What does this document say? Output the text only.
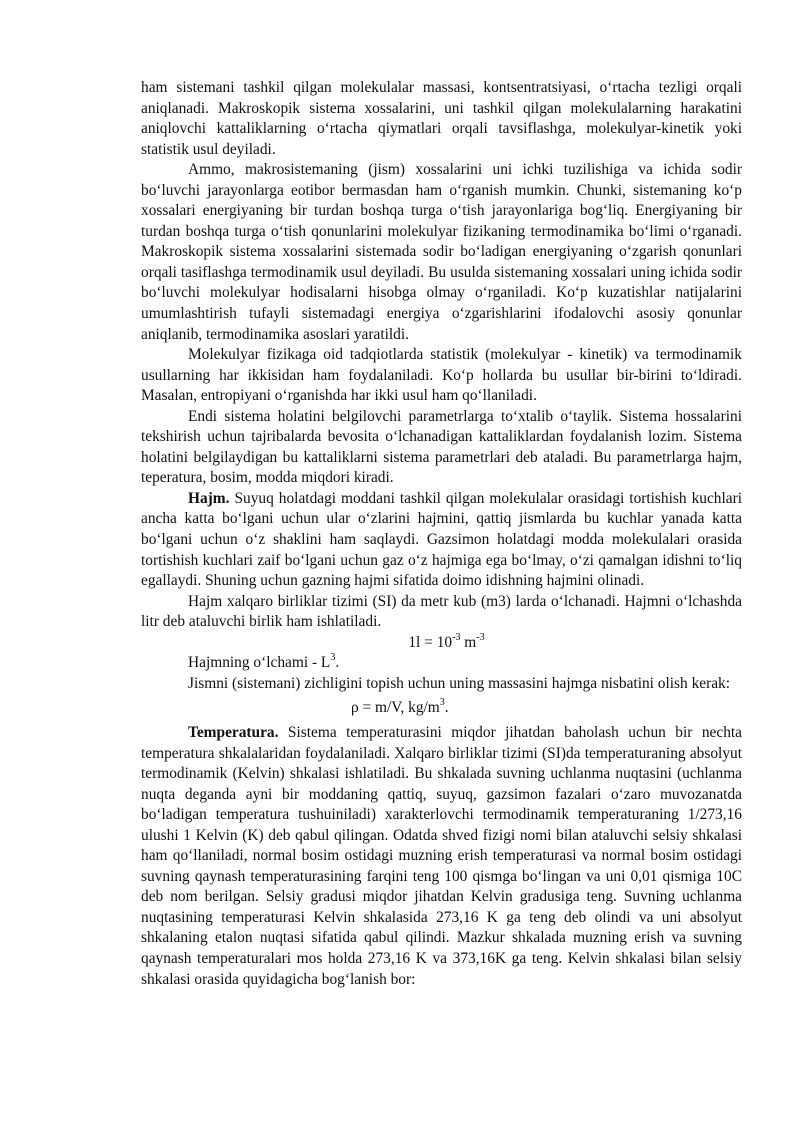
ham sistemani tashkil qilgan molekulalar massasi, kontsentratsiyasi, o‘rtacha tezligi orqali aniqlanadi. Makroskopik sistema xossalarini, uni tashkil qilgan molekulalarning harakatini aniqlovchi kattaliklarning o‘rtacha qiymatlari orqali tavsiflashga, molekulyar-kinetik yoki statistik usul deyiladi.

Ammo, makrosistemaning (jism) xossalarini uni ichki tuzilishiga va ichida sodir bo‘luvchi jarayonlarga eotibor bermasdan ham o‘rganish mumkin. Chunki, sistemaning ko‘p xossalari energiyaning bir turdan boshqa turga o‘tish jarayonlariga bog‘liq. Energiyaning bir turdan boshqa turga o‘tish qonunlarini molekulyar fizikaning termodinamika bo‘limi o‘rganadi. Makroskopik sistema xossalarini sistemada sodir bo‘ladigan energiyaning o‘zgarish qonunlari orqali tasiflashga termodinamik usul deyiladi. Bu usulda sistemaning xossalari uning ichida sodir bo‘luvchi molekulyar hodisalarni hisobga olmay o‘rganiladi. Ko‘p kuzatishlar natijalarini umumlashtirish tufayli sistemadagi energiya o‘zgarishlarini ifodalovchi asosiy qonunlar aniqlanib, termodinamika asoslari yaratildi.

Molekulyar fizikaga oid tadqiotlarda statistik (molekulyar - kinetik) va termodinamik usullarning har ikkisidan ham foydalaniladi. Ko‘p hollarda bu usullar bir-birini to‘ldiradi. Masalan, entropiyani o‘rganishda har ikki usul ham qo‘llaniladi.

Endi sistema holatini belgilovchi parametrlarga to‘xtalib o‘taylik. Sistema hossalarini tekshirish uchun tajribalarda bevosita o‘lchanadigan kattaliklardan foydalanish lozim. Sistema holatini belgilaydigan bu kattaliklarni sistema parametrlari deb ataladi. Bu parametrlarga hajm, teperatura, bosim, modda miqdori kiradi.

Hajm. Suyuq holatdagi moddani tashkil qilgan molekulalar orasidagi tortishish kuchlari ancha katta bo‘lgani uchun ular o‘zlarini hajmini, qattiq jismlarda bu kuchlar yanada katta bo‘lgani uchun o‘z shaklini ham saqlaydi. Gazsimon holatdagi modda molekulalari orasida tortishish kuchlari zaif bo‘lgani uchun gaz o‘z hajmiga ega bo‘lmay, o‘zi qamalgan idishni to‘liq egallaydi. Shuning uchun gazning hajmi sifatida doimo idishning hajmini olinadi.

Hajm xalqaro birliklar tizimi (SI) da metr kub (m3) larda o‘lchanadi. Hajmni o‘lchashda litr deb ataluvchi birlik ham ishlatiladi.

$1l = 10^{-3}$ $m^{-3}$

Hajmning o‘lchami - $L^3$.

Jismni (sistemani) zichligini topish uchun uning massasini hajmga nisbatini olish kerak:

ρ = m/V, $kg/m^3$.

Temperatura. Sistema temperaturasini miqdor jihatdan baholash uchun bir nechta temperatura shkalalaridan foydalaniladi. Xalqaro birliklar tizimi (SI)da temperaturaning absolyut termodinamik (Kelvin) shkalasi ishlatiladi. Bu shkalada suvning uchlanma nuqtasini (uchlanma nuqta deganda ayni bir moddaning qattiq, suyuq, gazsimon fazalari o‘zaro muvozanatda bo‘ladigan temperatura tushuiniladi) xarakterlovchi termodinamik temperaturaning 1/273,16 ulushi 1 Kelvin (K) deb qabul qilingan. Odatda shved fizigi nomi bilan ataluvchi selsiy shkalasi ham qo‘llaniladi, normal bosim ostidagi muzning erish temperaturasi va normal bosim ostidagi suvning qaynash temperaturasining farqini teng 100 qismga bo‘lingan va uni 0,01 qismiga 10C deb nom berilgan. Selsiy gradusi miqdor jihatdan Kelvin gradusiga teng. Suvning uchlanma nuqtasining temperaturasi Kelvin shkalasida 273,16 K ga teng deb olindi va uni absolyut shkalaning etalon nuqtasi sifatida qabul qilindi. Mazkur shkalada muzning erish va suvning qaynash temperaturalari mos holda 273,16 K va 373,16K ga teng. Kelvin shkalasi bilan selsiy shkalasi orasida quyidagicha bog‘lanish bor:
